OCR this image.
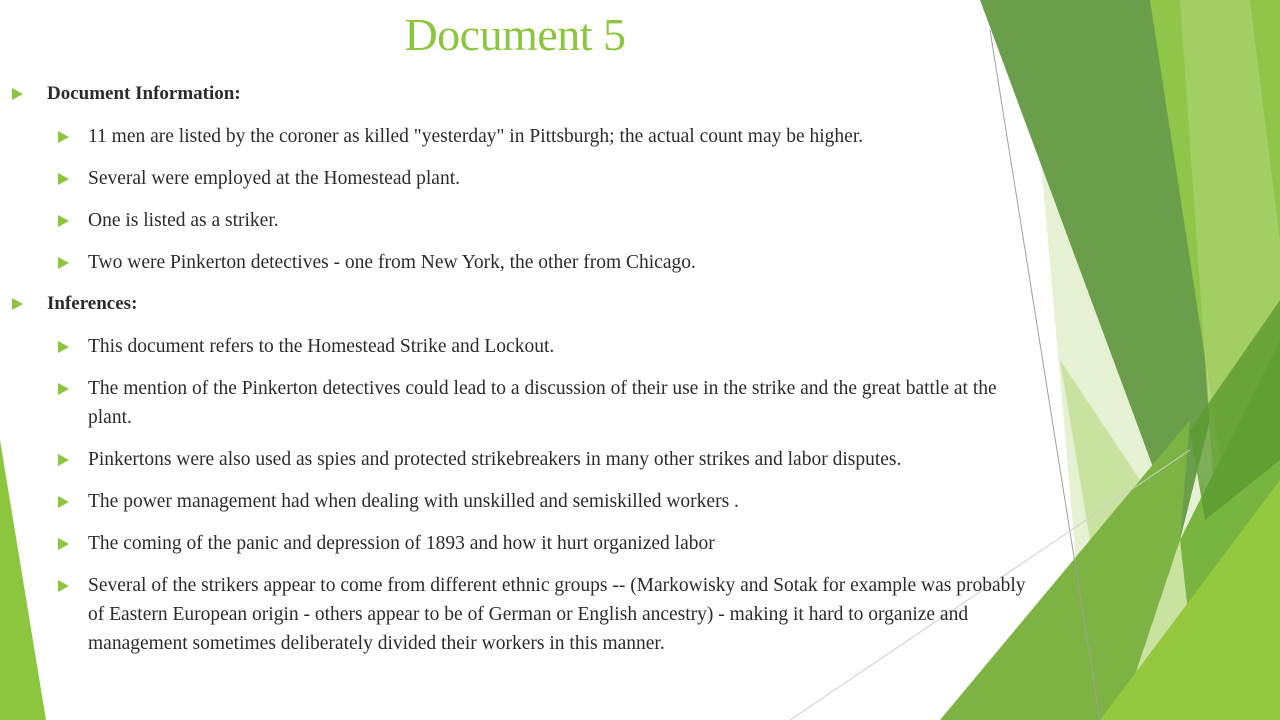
Document 5
Document Information:
11 men are listed by the coroner as killed "yesterday" in Pittsburgh; the actual count may be higher.
Several were employed at the Homestead plant.
One is listed as a striker.
Two were Pinkerton detectives - one from New York, the other from Chicago.
Inferences:
This document refers to the Homestead Strike and Lockout.
The mention of the Pinkerton detectives could lead to a discussion of their use in the strike and the great battle at the plant.
Pinkertons were also used as spies and protected strikebreakers in many other strikes and labor disputes.
The power management had when dealing with unskilled and semiskilled workers .
The coming of the panic and depression of 1893 and how it hurt organized labor
Several of the strikers appear to come from different ethnic groups -- (Markowisky and Sotak for example was probably of Eastern European origin - others appear to be of German or English ancestry) - making it hard to organize and management sometimes deliberately divided their workers in this manner.
